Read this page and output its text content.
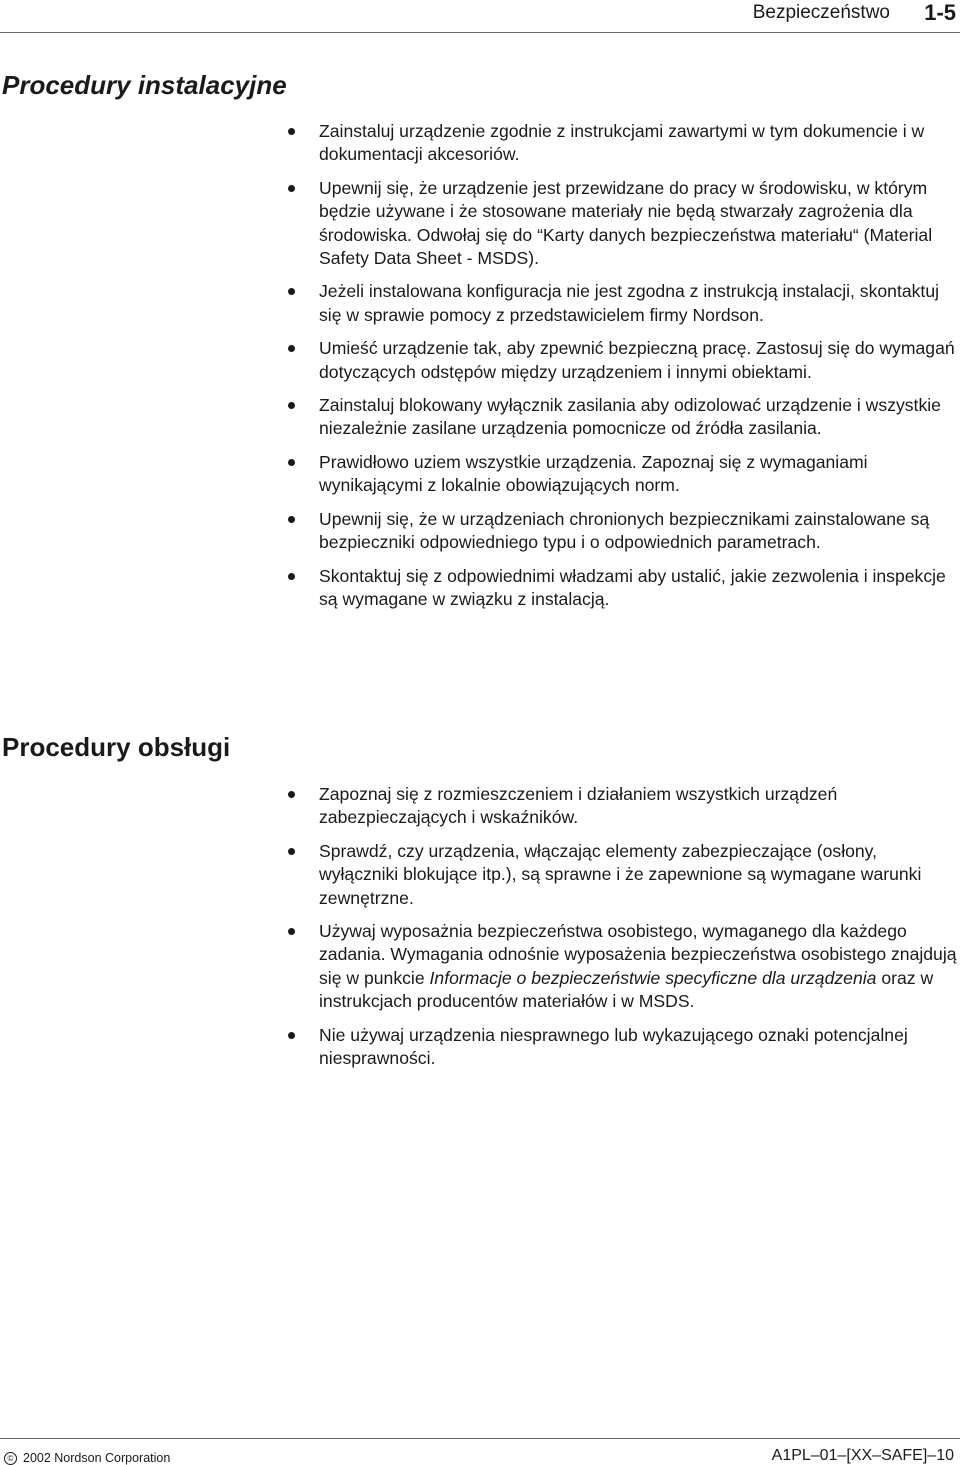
Bezpieczeństwo 1-5
Procedury instalacyjne
Zainstaluj urządzenie zgodnie z instrukcjami zawartymi w tym dokumencie i w dokumentacji akcesoriów.
Upewnij się, że urządzenie jest przewidzane do pracy w środowisku, w którym będzie używane i że stosowane materiały nie będą stwarzały zagrożenia dla środowiska. Odwołaj się do “Karty danych bezpieczeństwa materiału“ (Material Safety Data Sheet - MSDS).
Jeżeli instalowana konfiguracja nie jest zgodna z instrukcją instalacji, skontaktuj się w sprawie pomocy z przedstawicielem firmy Nordson.
Umieść urządzenie tak, aby zpewnić bezpieczną pracę. Zastosuj się do wymagań dotyczących odstępów między urządzeniem i innymi obiektami.
Zainstaluj blokowany wyłącznik zasilania aby odizolować urządzenie i wszystkie niezależnie zasilane urządzenia pomocnicze od źródła zasilania.
Prawidłowo uziem wszystkie urządzenia. Zapoznaj się z wymaganiami wynikającymi z lokalnie obowiązujących norm.
Upewnij się, że w urządzeniach chronionych bezpiecznikami zainstalowane są bezpieczniki odpowiedniego typu i o odpowiednich parametrach.
Skontaktuj się z odpowiednimi władzami aby ustalić, jakie zezwolenia i inspekcje są wymagane w związku z instalacją.
Procedury obsługi
Zapoznaj się z rozmieszczeniem i działaniem wszystkich urządzeń zabezpieczających i wskaźników.
Sprawdź, czy urządzenia, włączając elementy zabezpieczające (osłony, wyłączniki blokujące itp.), są sprawne i że zapewnione są wymagane warunki zewnętrzne.
Używaj wyposażnia bezpieczeństwa osobistego, wymaganego dla każdego zadania. Wymagania odnośnie wyposażenia bezpieczeństwa osobistego znajdują się w punkcie Informacje o bezpieczeństwie specyficzne dla urządzenia oraz w instrukcjach producentów materiałów i w MSDS.
Nie używaj urządzenia niesprawnego lub wykazującego oznaki potencjalnej niesprawności.
© 2002 Nordson Corporation	A1PL–01–[XX–SAFE]–10
